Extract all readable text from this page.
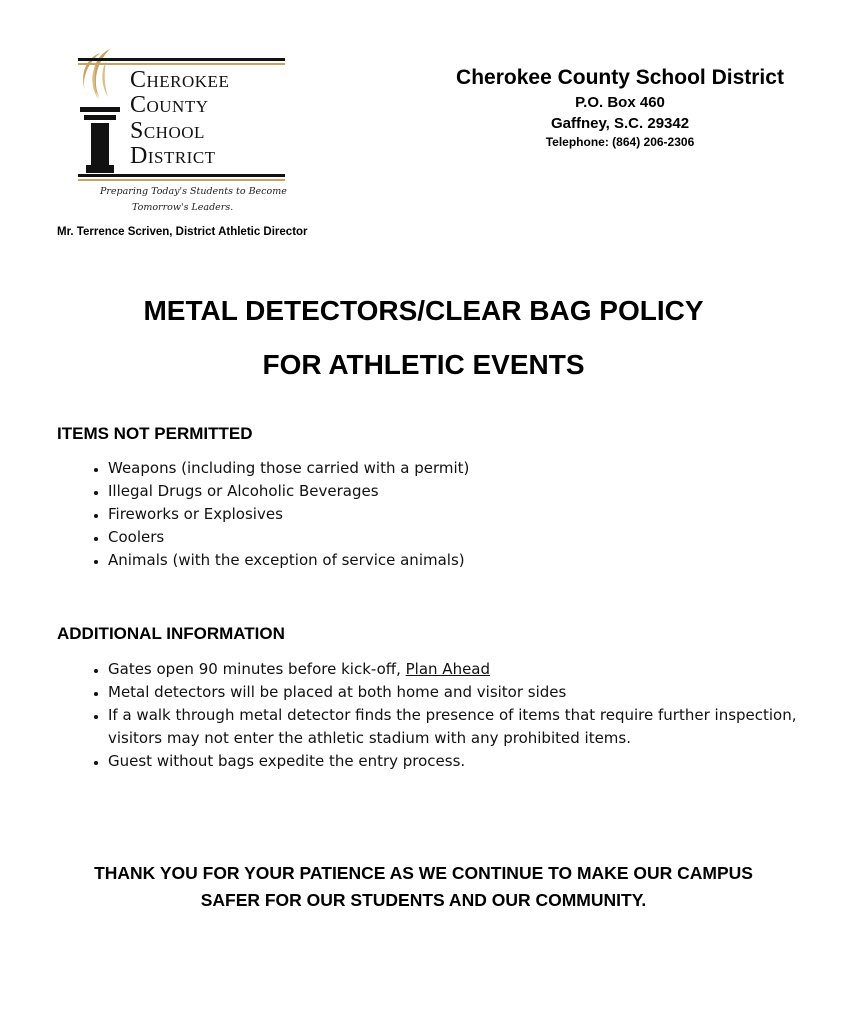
Cherokee
County
School
District
Preparing Today's Students to Become
Tomorrow's Leaders.
Mr. Terrence Scriven, District Athletic Director
Cherokee County School District
P.O. Box 460
Gaffney, S.C. 29342
Telephone: (864) 206-2306
METAL DETECTORS/CLEAR BAG POLICY
FOR ATHLETIC EVENTS
ITEMS NOT PERMITTED
• Weapons (including those carried with a permit)
• Illegal Drugs or Alcoholic Beverages
• Fireworks or Explosives
• Coolers
• Animals (with the exception of service animals)
ADDITIONAL INFORMATION
• Gates open 90 minutes before kick-off, Plan Ahead
• Metal detectors will be placed at both home and visitor sides
• If a walk through metal detector finds the presence of items that require further inspection, visitors may not enter the athletic stadium with any prohibited items.
• Guest without bags expedite the entry process.
THANK YOU FOR YOUR PATIENCE AS WE CONTINUE TO MAKE OUR CAMPUS
SAFER FOR OUR STUDENTS AND OUR COMMUNITY.
